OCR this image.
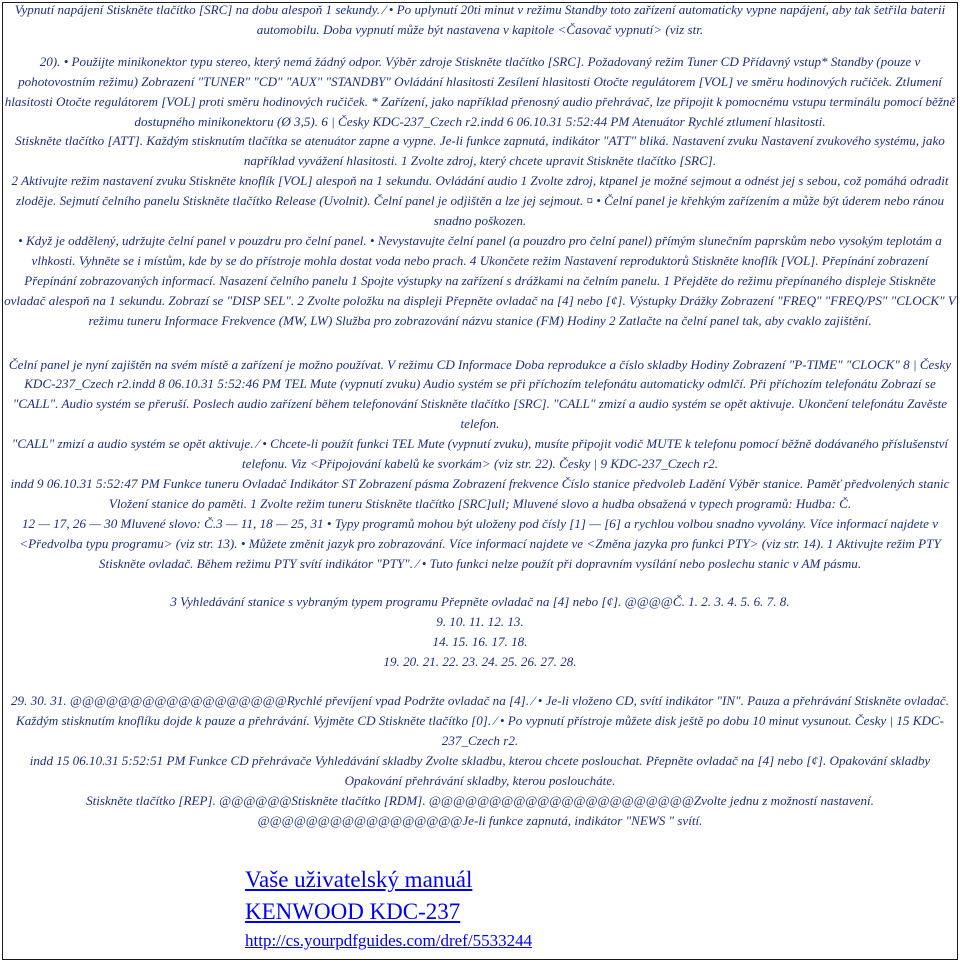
Vypnutí napájení Stiskněte tlačítko [SRC] na dobu alespoň 1 sekundy. ⁄ • Po uplynutí 20ti minut v režimu Standby toto zařízení automaticky vypne napájení, aby tak šetřila baterii automobilu. Doba vypnutí může být nastavena v kapitole <Časovač vypnutí> (viz str.

20). • Použijte minikonektor typu stereo, který nemá žádný odpor. Výběr zdroje Stiskněte tlačítko [SRC]. Požadovaný režim Tuner CD Přídavný vstup* Standby (pouze v pohotovostním režimu) Zobrazení "TUNER" "CD" "AUX" "STANDBY" Ovládání hlasitosti Zesílení hlasitosti Otočte regulátorem [VOL] ve směru hodinových ručiček. Ztlumení hlasitosti Otočte regulátorem [VOL] proti směru hodinových ručiček. * Zařízení, jako například přenosný audio přehrávač, lze připojit k pomocnému vstupu terminálu pomocí běžně dostupného minikonektoru (Ø 3,5). 6 | Česky KDC-237_Czech r2.indd 6 06.10.31 5:52:44 PM Atenuátor Rychlé ztlumení hlasitosti.

Stiskněte tlačítko [ATT]. Každým stisknutím tlačítka se atenuátor zapne a vypne. Je-li funkce zapnutá, indikátor "ATT" bliká. Nastavení zvuku Nastavení zvukového systému, jako například vyvážení hlasitosti. 1 Zvolte zdroj, který chcete upravit Stiskněte tlačítko [SRC].

2 Aktivujte režim nastavení zvuku Stiskněte knoflík [VOL] alespoň na 1 sekundu. Ovládání audio 1 Zvolte zdroj, ktpanel je možné sejmout a odnést jej s sebou, což pomáhá odradit zloděje. Sejmutí čelního panelu Stiskněte tlačítko Release (Uvolnit). Čelní panel je odjištěn a lze jej sejmout. ¤ • Čelní panel je křehkým zařízením a může být úderem nebo ránou snadno poškozen.

• Když je oddělený, udržujte čelní panel v pouzdru pro čelní panel. • Nevystavujte čelní panel (a pouzdro pro čelní panel) přímým slunečním paprskům nebo vysokým teplotám a vlhkosti. Vyhněte se i místům, kde by se do přístroje mohla dostat voda nebo prach. 4 Ukončete režim Nastavení reproduktorů Stiskněte knoflík [VOL]. Přepínání zobrazení Přepínání zobrazovaných informací. Nasazení čelního panelu 1 Spojte výstupky na zařízení s drážkami na čelním panelu. 1 Přejděte do režimu přepínaného displeje Stiskněte ovladač alespoň na 1 sekundu. Zobrazí se "DISP SEL". 2 Zvolte položku na displeji Přepněte ovladač na [4] nebo [¢]. Výstupky Drážky Zobrazení "FREQ" "FREQ/PS" "CLOCK" V režimu tuneru Informace Frekvence (MW, LW) Služba pro zobrazování názvu stanice (FM) Hodiny 2 Zatlačte na čelní panel tak, aby cvaklo zajištění.

Čelní panel je nyní zajištěn na svém místě a zařízení je možno používat. V režimu CD Informace Doba reprodukce a číslo skladby Hodiny Zobrazení "P-TIME" "CLOCK" 8 | Česky KDC-237_Czech r2.indd 8 06.10.31 5:52:46 PM TEL Mute (vypnutí zvuku) Audio systém se při příchozím telefonátu automaticky odmlčí. Při příchozím telefonátu Zobrazí se "CALL". Audio systém se přeruší. Poslech audio zařízení během telefonování Stiskněte tlačítko [SRC]. "CALL" zmizí a audio systém se opět aktivuje. Ukončení telefonátu Zavěste telefon.

"CALL" zmizí a audio systém se opět aktivuje. ⁄ • Chcete-li použít funkci TEL Mute (vypnutí zvuku), musíte připojit vodič MUTE k telefonu pomocí běžně dodávaného příslušenství telefonu. Viz <Připojování kabelů ke svorkám> (viz str. 22). Česky | 9 KDC-237_Czech r2.

indd 9 06.10.31 5:52:47 PM Funkce tuneru Ovladač Indikátor ST Zobrazení pásma Zobrazení frekvence Číslo stanice předvoleb Ladění Výběr stanice. Paměť předvolených stanic Vložení stanice do paměti. 1 Zvolte režim tuneru Stiskněte tlačítko [SRC]ull; Mluvené slovo a hudba obsažená v typech programů: Hudba: Č.

12 — 17, 26 — 30 Mluvené slovo: Č.3 — 11, 18 — 25, 31 • Typy programů mohou být uloženy pod čísly [1] — [6] a rychlou volbou snadno vyvolány. Více informací najdete v <Předvolba typu programu> (viz str. 13). • Můžete změnit jazyk pro zobrazování. Více informací najdete ve <Změna jazyka pro funkci PTY> (viz str. 14). 1 Aktivujte režim PTY Stiskněte ovladač. Během režimu PTY svítí indikátor "PTY". ⁄ • Tuto funkci nelze použít při dopravním vysílání nebo poslechu stanic v AM pásmu.

3 Vyhledávání stanice s vybraným typem programu Přepněte ovladač na [4] nebo [¢]. @@@@Č. 1. 2. 3. 4. 5. 6. 7. 8.

9. 10. 11. 12. 13.

14. 15. 16. 17. 18.

19. 20. 21. 22. 23. 24. 25. 26. 27. 28.

29. 30. 31. @@@@@@@@@@@@@@@@@@Rychlé převíjení vpad Podržte ovladač na [4]. ⁄ • Je-li vloženo CD, svítí indikátor "IN". Pauza a přehrávání Stiskněte ovladač. Každým stisknutím knoflíku dojde k pauze a přehrávání. Vyjměte CD Stiskněte tlačítko [0]. ⁄ • Po vypnutí přístroje můžete disk ještě po dobu 10 minut vysunout. Česky | 15 KDC-237_Czech r2.

indd 15 06.10.31 5:52:51 PM Funkce CD přehrávače Vyhledávání skladby Zvolte skladbu, kterou chcete poslouchat. Přepněte ovladač na [4] nebo [¢]. Opakování skladby Opakování přehrávání skladby, kterou posloucháte.

Stiskněte tlačítko [REP]. @@@@@@Stiskněte tlačítko [RDM]. @@@@@@@@@@@@@@@@@@@@@@Zvolte jednu z možností nastavení. @@@@@@@@@@@@@@@@@Je-li funkce zapnutá, indikátor "NEWS " svítí.

Vaše uživatelský manuál
KENWOOD KDC-237
http://cs.yourpdfguides.com/dref/5533244
